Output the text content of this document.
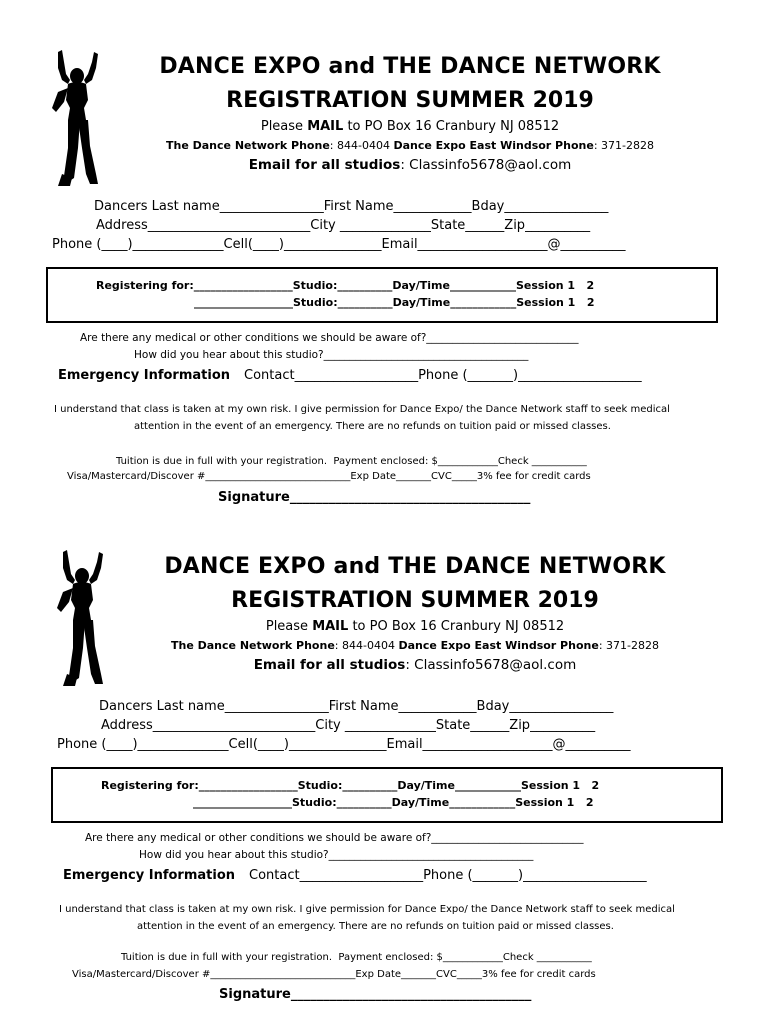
DANCE EXPO and THE DANCE NETWORK
REGISTRATION SUMMER 2019
Please MAIL to PO Box 16 Cranbury NJ 08512
The Dance Network Phone: 844-0404 Dance Expo East Windsor Phone: 371-2828
Email for all studios: Classinfo5678@aol.com
Dancers Last name________________First Name____________Bday________________
Address_________________________City ______________State______Zip__________
Phone (____)______________Cell(____)_______________Email____________________@__________
Registering for:__________________Studio:__________Day/Time____________Session 1   2
__________________Studio:__________Day/Time____________Session 1   2
Are there any medical or other conditions we should be aware of?_____________________________
How did you hear about this studio?_______________________________________
Emergency Information Contact___________________Phone (_______)___________________
I understand that class is taken at my own risk. I give permission for Dance Expo/ the Dance Network staff to seek medical
attention in the event of an emergency. There are no refunds on tuition paid or missed classes.
Tuition is due in full with your registration.  Payment enclosed: $____________Check ___________
Visa/Mastercard/Discover #_____________________________Exp Date_______CVC_____3% fee for credit cards
Signature_____________________________________
DANCE EXPO and THE DANCE NETWORK
REGISTRATION SUMMER 2019
Please MAIL to PO Box 16 Cranbury NJ 08512
The Dance Network Phone: 844-0404 Dance Expo East Windsor Phone: 371-2828
Email for all studios: Classinfo5678@aol.com
Dancers Last name________________First Name____________Bday________________
Address_________________________City ______________State______Zip__________
Phone (____)______________Cell(____)_______________Email____________________@__________
Registering for:__________________Studio:__________Day/Time____________Session 1   2
__________________Studio:__________Day/Time____________Session 1   2
Are there any medical or other conditions we should be aware of?_____________________________
How did you hear about this studio?_______________________________________
Emergency Information Contact___________________Phone (_______)___________________
I understand that class is taken at my own risk. I give permission for Dance Expo/ the Dance Network staff to seek medical
attention in the event of an emergency. There are no refunds on tuition paid or missed classes.
Tuition is due in full with your registration.  Payment enclosed: $____________Check ___________
Visa/Mastercard/Discover #_____________________________Exp Date_______CVC_____3% fee for credit cards
Signature_____________________________________
